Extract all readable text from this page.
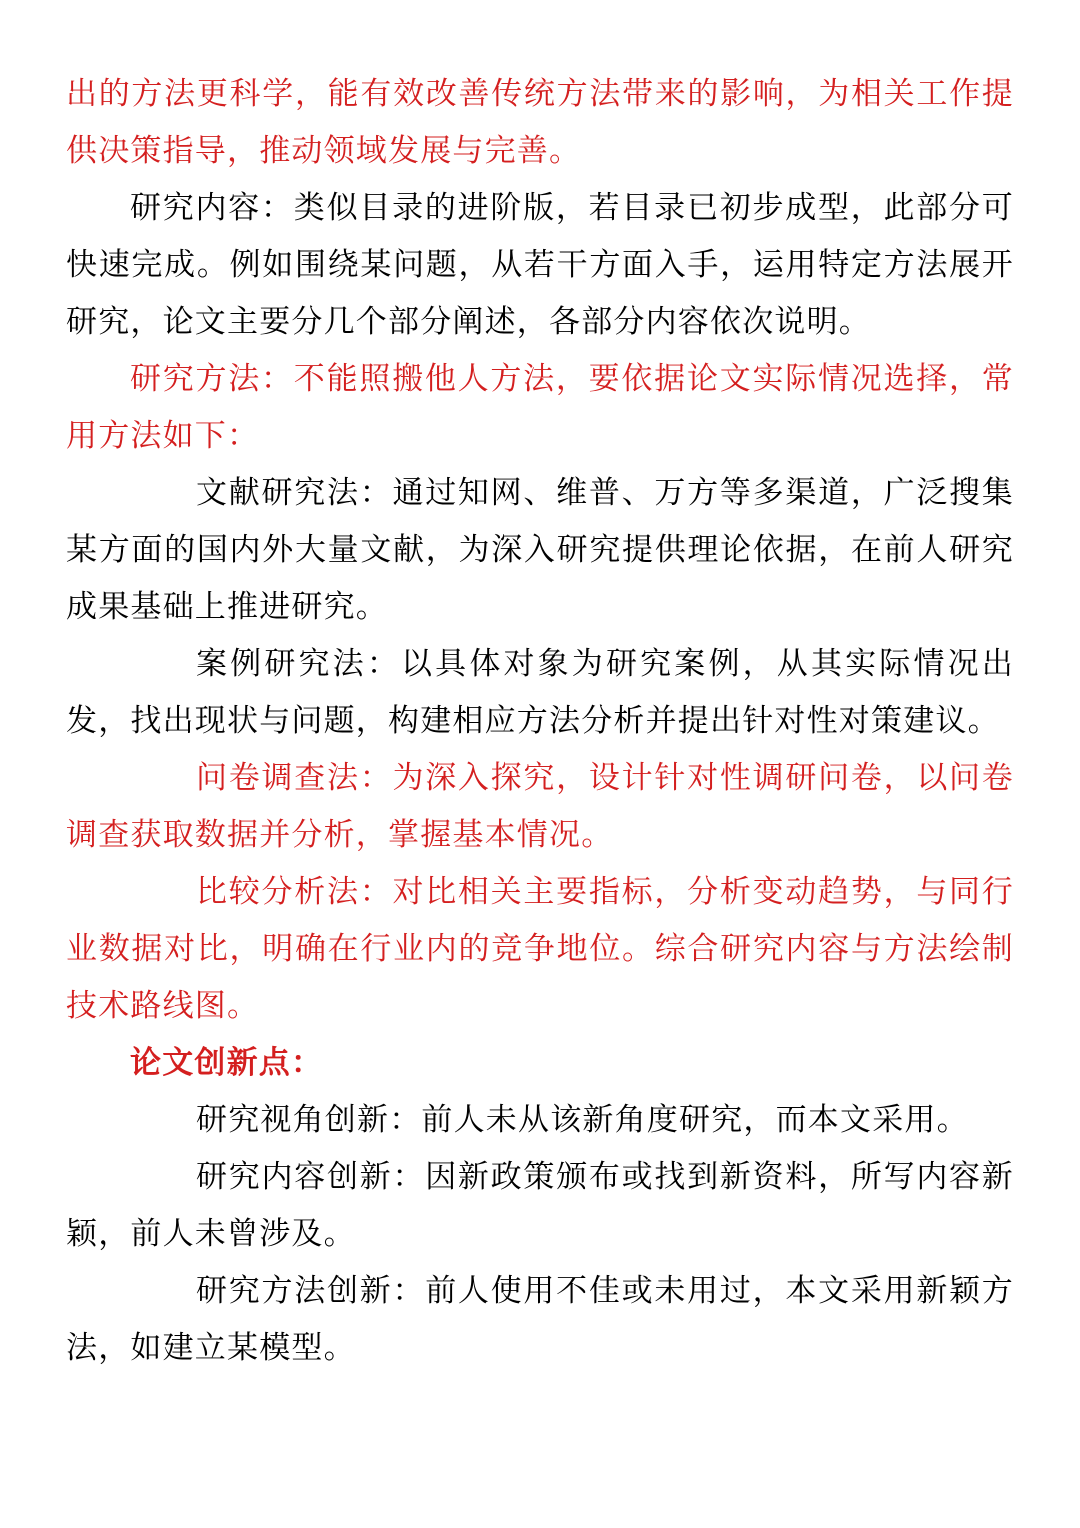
出的方法更科学，能有效改善传统方法带来的影响，为相关工作提供决策指导，推动领域发展与完善。

研究内容：类似目录的进阶版，若目录已初步成型，此部分可快速完成。例如围绕某问题，从若干方面入手，运用特定方法展开研究，论文主要分几个部分阐述，各部分内容依次说明。

研究方法：不能照搬他人方法，要依据论文实际情况选择，常用方法如下：

文献研究法：通过知网、维普、万方等多渠道，广泛搜集某方面的国内外大量文献，为深入研究提供理论依据，在前人研究成果基础上推进研究。

案例研究法：以具体对象为研究案例，从其实际情况出发，找出现状与问题，构建相应方法分析并提出针对性对策建议。

问卷调查法：为深入探究，设计针对性调研问卷，以问卷调查获取数据并分析，掌握基本情况。

比较分析法：对比相关主要指标，分析变动趋势，与同行业数据对比，明确在行业内的竞争地位。综合研究内容与方法绘制技术路线图。

论文创新点：

研究视角创新：前人未从该新角度研究，而本文采用。

研究内容创新：因新政策颁布或找到新资料，所写内容新颖，前人未曾涉及。

研究方法创新：前人使用不佳或未用过，本文采用新颖方法，如建立某模型。
